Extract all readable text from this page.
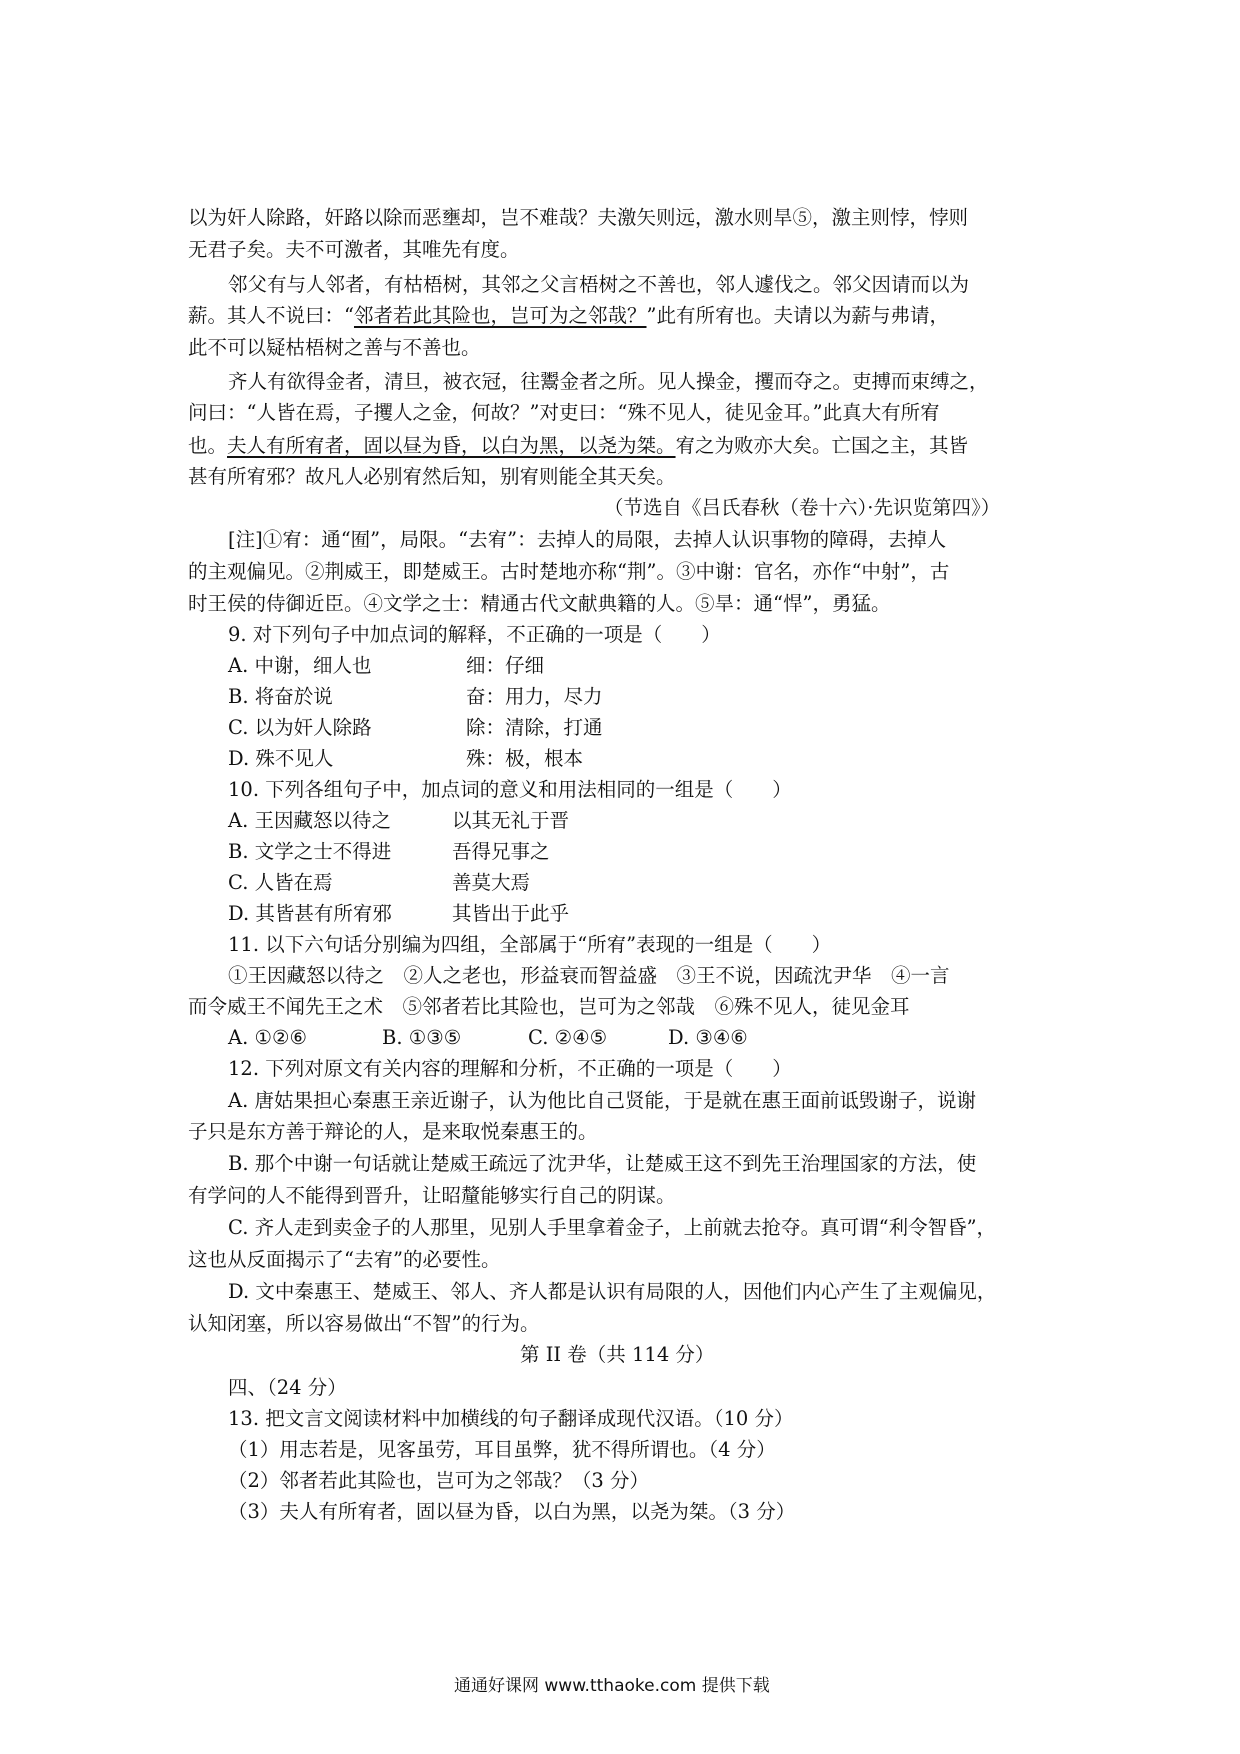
以为奸人除路，奸路以除而恶壅却，岂不难哉？夫激矢则远，激水则旱⑤，激主则悖，悖则
无君子矣。夫不可激者，其唯先有度。
邻父有与人邻者，有枯梧树，其邻之父言梧树之不善也，邻人遽伐之。邻父因请而以为
薪。其人不说曰：“邻者若此其险也，岂可为之邻哉？”此有所宥也。夫请以为薪与弗请，
此不可以疑枯梧树之善与不善也。
齐人有欲得金者，清旦，被衣冠，往鬻金者之所。见人操金，攫而夺之。吏搏而束缚之，
问曰：“人皆在焉，子攫人之金，何故？”对吏曰：“殊不见人，徒见金耳。”此真大有所宥
也。夫人有所宥者，固以昼为昏，以白为黑，以尧为桀。宥之为败亦大矣。亡国之主，其皆
甚有所宥邪？故凡人必别宥然后知，别宥则能全其天矣。
（节选自《吕氏春秋（卷十六）·先识览第四》）
[注]①宥：通“囿”，局限。“去宥”：去掉人的局限，去掉人认识事物的障碍，去掉人
的主观偏见。②荆威王，即楚威王。古时楚地亦称“荆”。③中谢：官名，亦作“中射”，古
时王侯的侍御近臣。④文学之士：精通古代文献典籍的人。⑤旱：通“悍”，勇猛。
9. 对下列句子中加点词的解释，不正确的一项是（　　）
A. 中谢，细人也	细：仔细
B. 将奋於说	奋：用力，尽力
C. 以为奸人除路	除：清除，打通
D. 殊不见人	殊：极，根本
10. 下列各组句子中，加点词的意义和用法相同的一组是（　　）
A. 王因藏怒以待之	以其无礼于晋
B. 文学之士不得进	吾得兄事之
C. 人皆在焉	善莫大焉
D. 其皆甚有所宥邪	其皆出于此乎
11. 以下六句话分别编为四组，全部属于“所宥”表现的一组是（　　）
①王因藏怒以待之　②人之老也，形益衰而智益盛　③王不说，因疏沈尹华　④一言
而令威王不闻先王之术　⑤邻者若比其险也，岂可为之邻哉　⑥殊不见人，徒见金耳
A. ①②⑥	B. ①③⑤	C. ②④⑤	D. ③④⑥
12. 下列对原文有关内容的理解和分析，不正确的一项是（　　）
A. 唐姑果担心秦惠王亲近谢子，认为他比自己贤能，于是就在惠王面前诋毁谢子，说谢
子只是东方善于辩论的人，是来取悦秦惠王的。
B. 那个中谢一句话就让楚威王疏远了沈尹华，让楚威王这不到先王治理国家的方法，使
有学问的人不能得到晋升，让昭釐能够实行自己的阴谋。
C. 齐人走到卖金子的人那里，见别人手里拿着金子，上前就去抢夺。真可谓“利令智昏”，
这也从反面揭示了“去宥”的必要性。
D. 文中秦惠王、楚威王、邻人、齐人都是认识有局限的人，因他们内心产生了主观偏见，
认知闭塞，所以容易做出“不智”的行为。
第 II 卷（共 114 分）
四、（24 分）
13. 把文言文阅读材料中加横线的句子翻译成现代汉语。（10 分）
（1）用志若是，见客虽劳，耳目虽弊，犹不得所谓也。（4 分）
（2）邻者若此其险也，岂可为之邻哉？（3 分）
（3）夫人有所宥者，固以昼为昏，以白为黑，以尧为桀。（3 分）
通通好课网 www.tthaoke.com 提供下载
